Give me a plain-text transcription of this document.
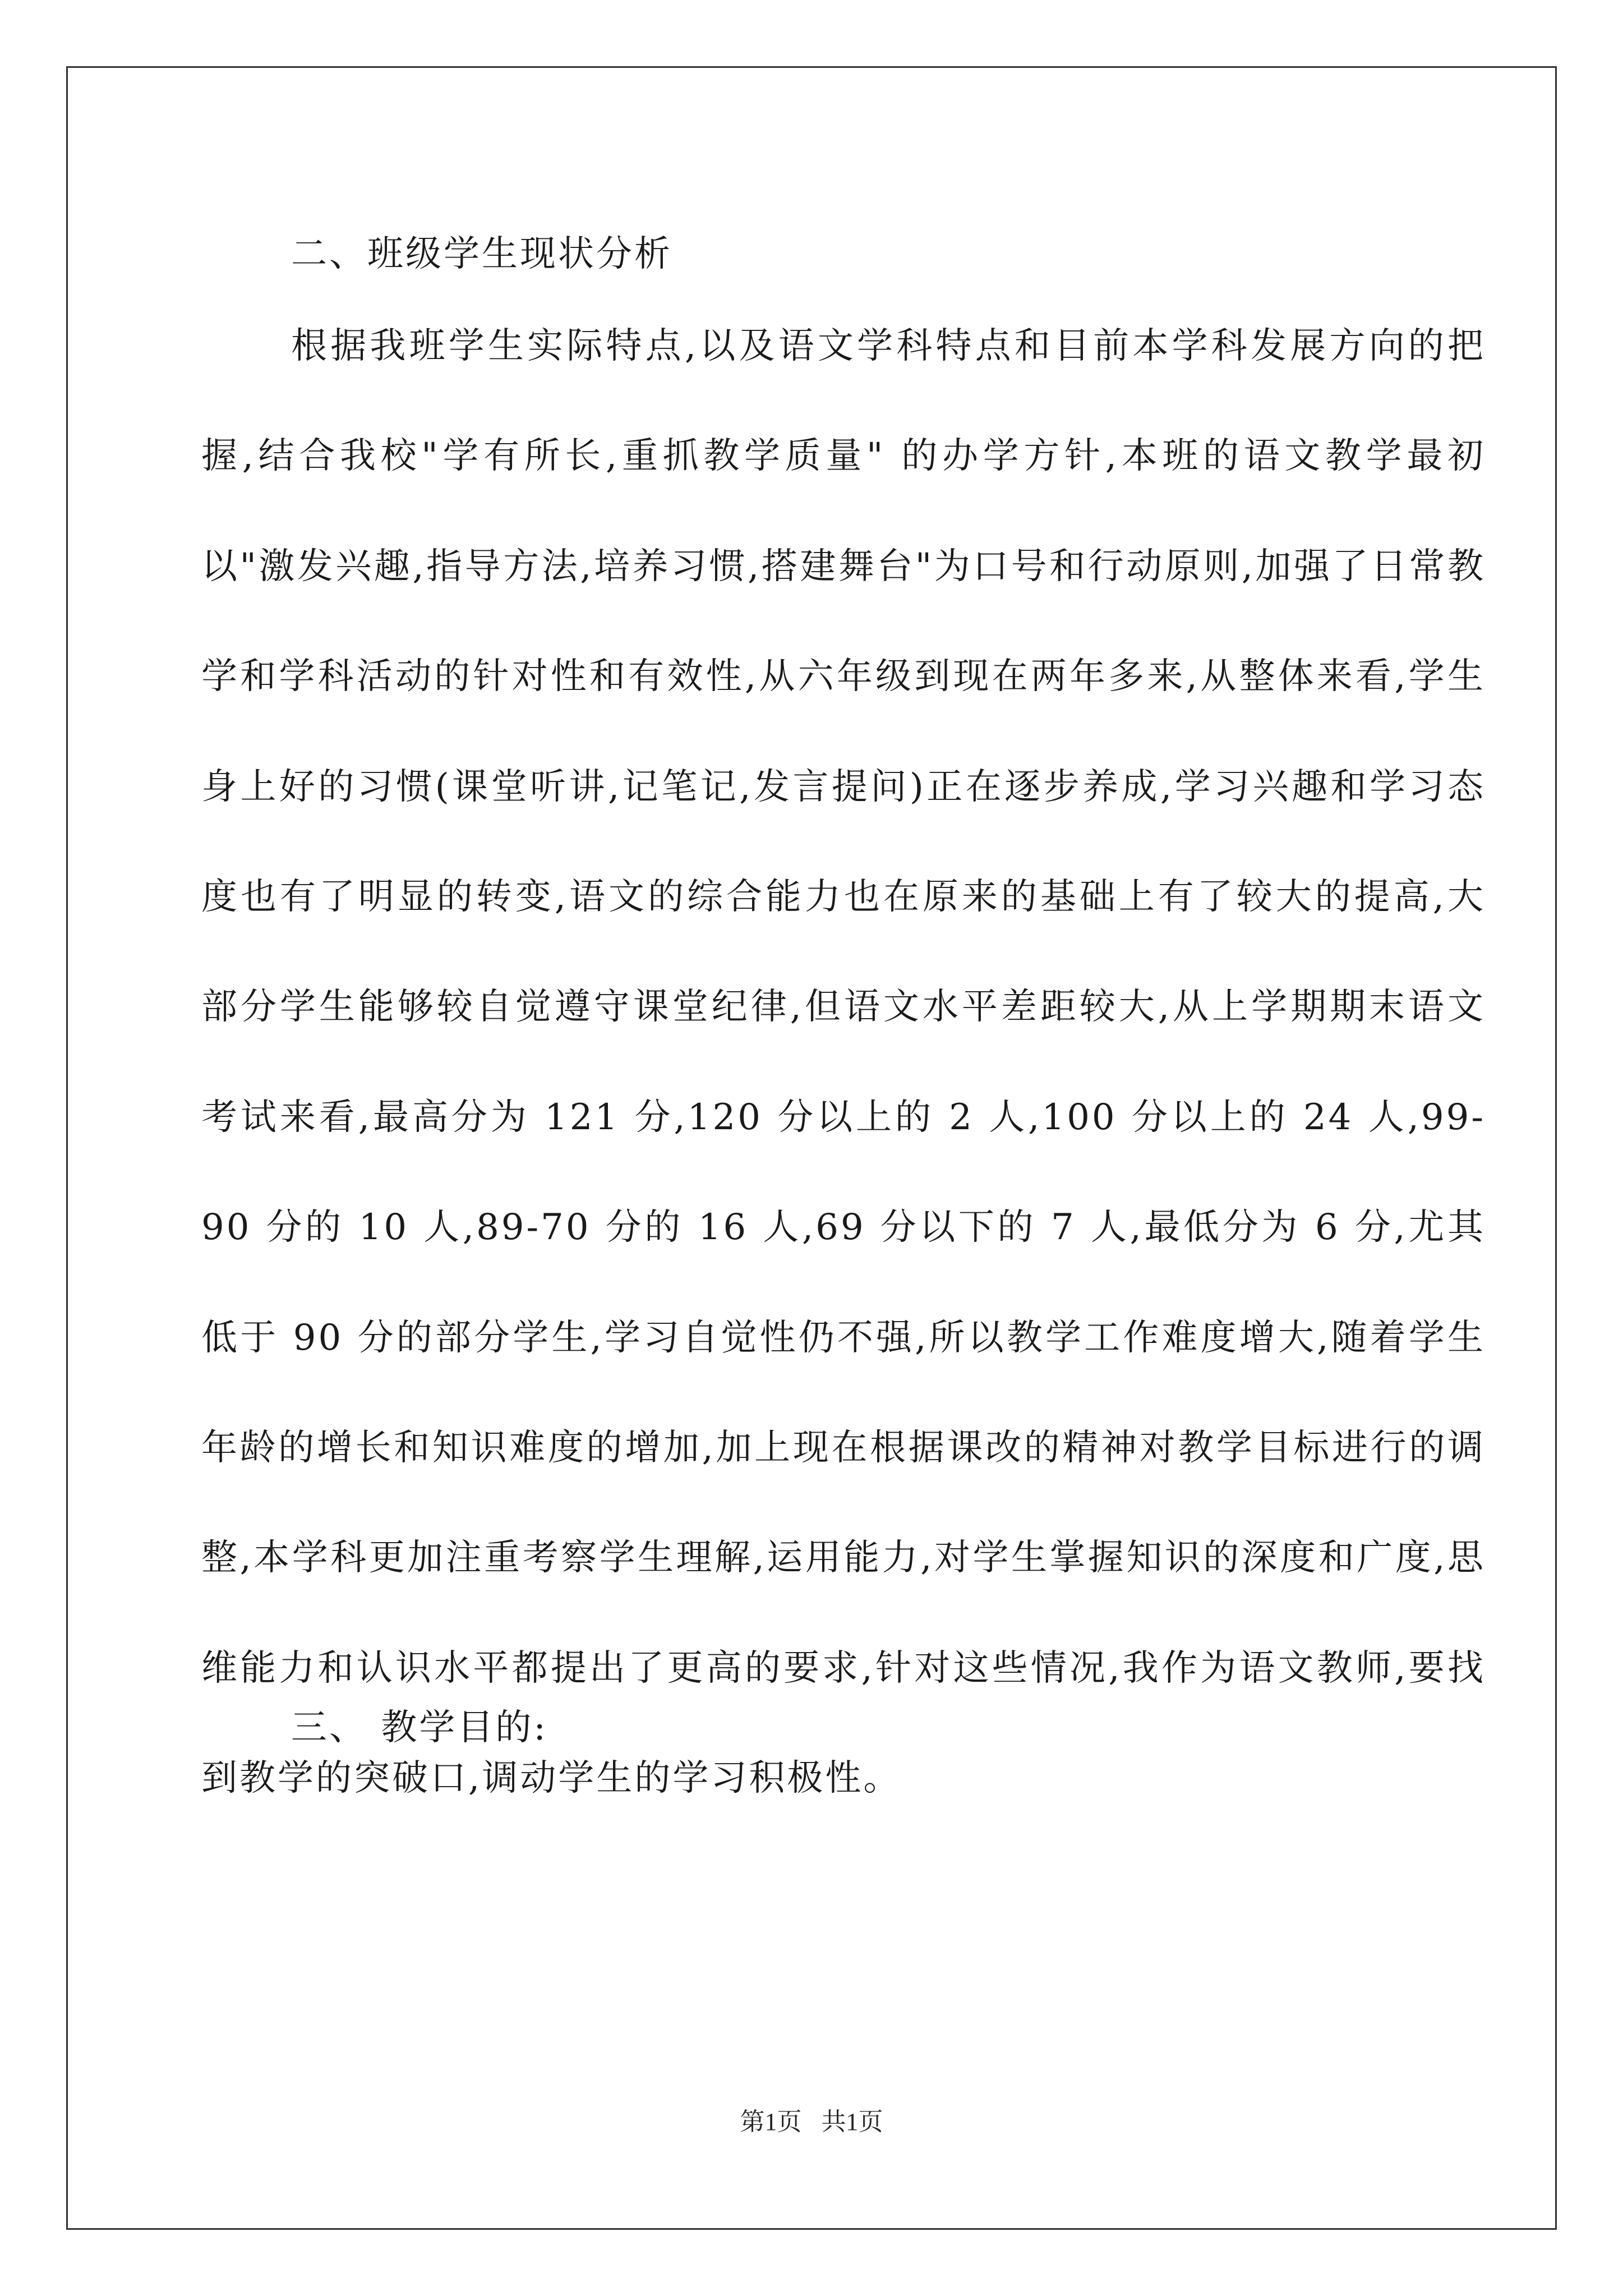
二、班级学生现状分析

根据我班学生实际特点,以及语文学科特点和目前本学科发展方向的把握,结合我校"学有所长,重抓教学质量" 的办学方针,本班的语文教学最初以"激发兴趣,指导方法,培养习惯,搭建舞台"为口号和行动原则,加强了日常教学和学科活动的针对性和有效性,从六年级到现在两年多来,从整体来看,学生身上好的习惯(课堂听讲,记笔记,发言提问)正在逐步养成,学习兴趣和学习态度也有了明显的转变,语文的综合能力也在原来的基础上有了较大的提高,大部分学生能够较自觉遵守课堂纪律,但语文水平差距较大,从上学期期末语文考试来看,最高分为 121 分,120 分以上的 2 人,100 分以上的 24 人,99-90 分的 10 人,89-70 分的 16 人,69 分以下的 7 人,最低分为 6 分,尤其低于 90 分的部分学生,学习自觉性仍不强,所以教学工作难度增大,随着学生年龄的增长和知识难度的增加,加上现在根据课改的精神对教学目标进行的调整,本学科更加注重考察学生理解,运用能力,对学生掌握知识的深度和广度,思维能力和认识水平都提出了更高的要求,针对这些情况,我作为语文教师,要找到教学的突破口,调动学生的学习积极性。

三、 教学目的:
第1页 共1页
